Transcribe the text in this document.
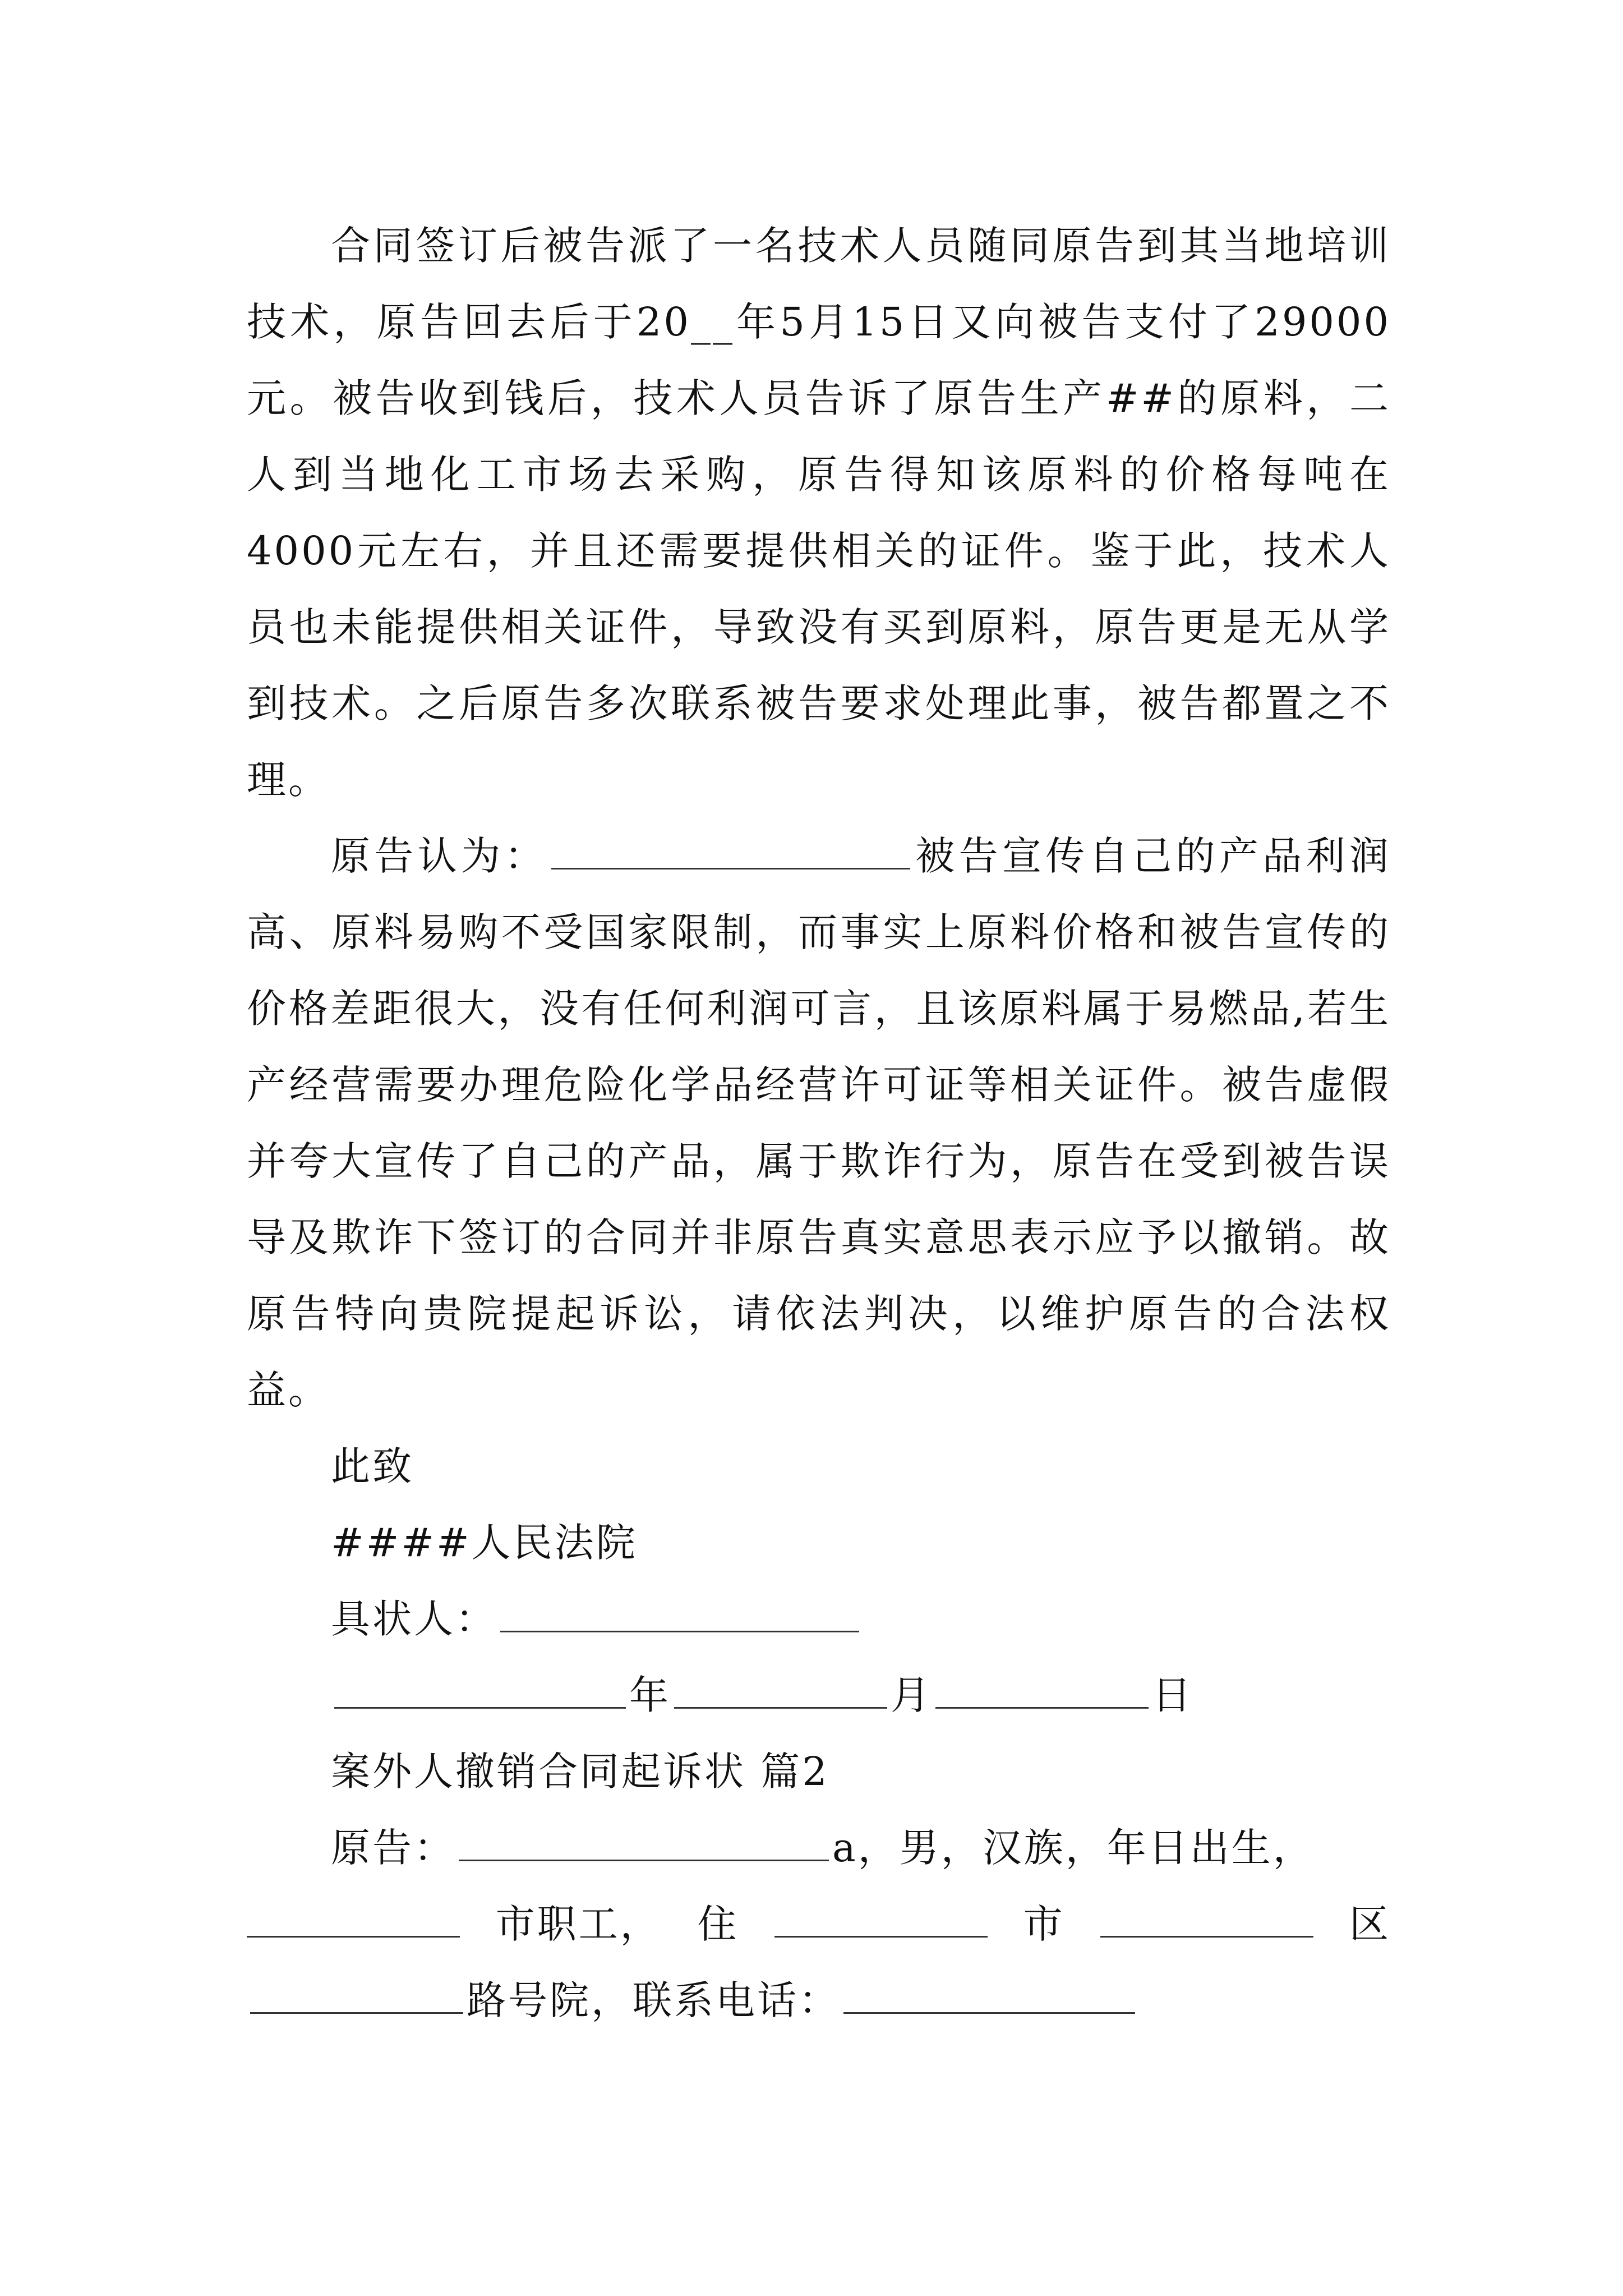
合同签订后被告派了一名技术人员随同原告到其当地培训技术，原告回去后于20__年5月15日又向被告支付了29000元。被告收到钱后，技术人员告诉了原告生产##的原料，二人到当地化工市场去采购，原告得知该原料的价格每吨在4000元左右，并且还需要提供相关的证件。鉴于此，技术人员也未能提供相关证件，导致没有买到原料，原告更是无从学到技术。之后原告多次联系被告要求处理此事，被告都置之不理。

原告认为：	被告宣传自己的产品利润高、原料易购不受国家限制，而事实上原料价格和被告宣传的价格差距很大，没有任何利润可言，且该原料属于易燃品,若生产经营需要办理危险化学品经营许可证等相关证件。被告虚假并夸大宣传了自己的产品，属于欺诈行为，原告在受到被告误导及欺诈下签订的合同并非原告真实意思表示应予以撤销。故原告特向贵院提起诉讼，请依法判决，以维护原告的合法权益。

此致

####人民法院

具状人：

年	月	日

案外人撤销合同起诉状 篇2

原告：	a，男，汉族，年日出生，

市职工， 住	市	区

路号院，联系电话：
